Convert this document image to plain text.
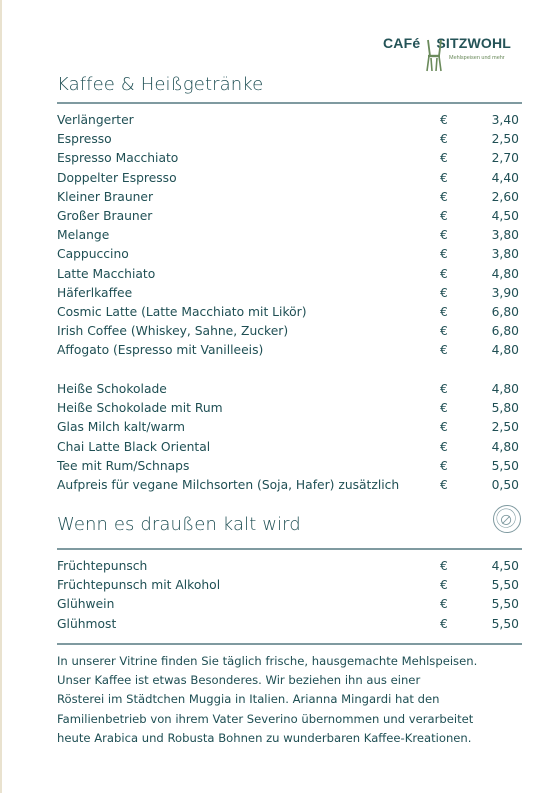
CAFé SITZWOHL
Mehlspeisen und mehr
Kaffee & Heißgetränke
Verlängerter	€	3,40
Espresso	€	2,50
Espresso Macchiato	€	2,70
Doppelter Espresso	€	4,40
Kleiner Brauner	€	2,60
Großer Brauner	€	4,50
Melange	€	3,80
Cappuccino	€	3,80
Latte Macchiato	€	4,80
Häferlkaffee	€	3,90
Cosmic Latte (Latte Macchiato mit Likör)	€	6,80
Irish Coffee (Whiskey, Sahne, Zucker)	€	6,80
Affogato (Espresso mit Vanilleeis)	€	4,80
Heiße Schokolade	€	4,80
Heiße Schokolade mit Rum	€	5,80
Glas Milch kalt/warm	€	2,50
Chai Latte Black Oriental	€	4,80
Tee mit Rum/Schnaps	€	5,50
Aufpreis für vegane Milchsorten (Soja, Hafer) zusätzlich	€	0,50
Wenn es draußen kalt wird
Früchtepunsch	€	4,50
Früchtepunsch mit Alkohol	€	5,50
Glühwein	€	5,50
Glühmost	€	5,50
In unserer Vitrine finden Sie täglich frische, hausgemachte Mehlspeisen.
Unser Kaffee ist etwas Besonderes. Wir beziehen ihn aus einer
Rösterei im Städtchen Muggia in Italien. Arianna Mingardi hat den
Familienbetrieb von ihrem Vater Severino übernommen und verarbeitet
heute Arabica und Robusta Bohnen zu wunderbaren Kaffee-Kreationen.
